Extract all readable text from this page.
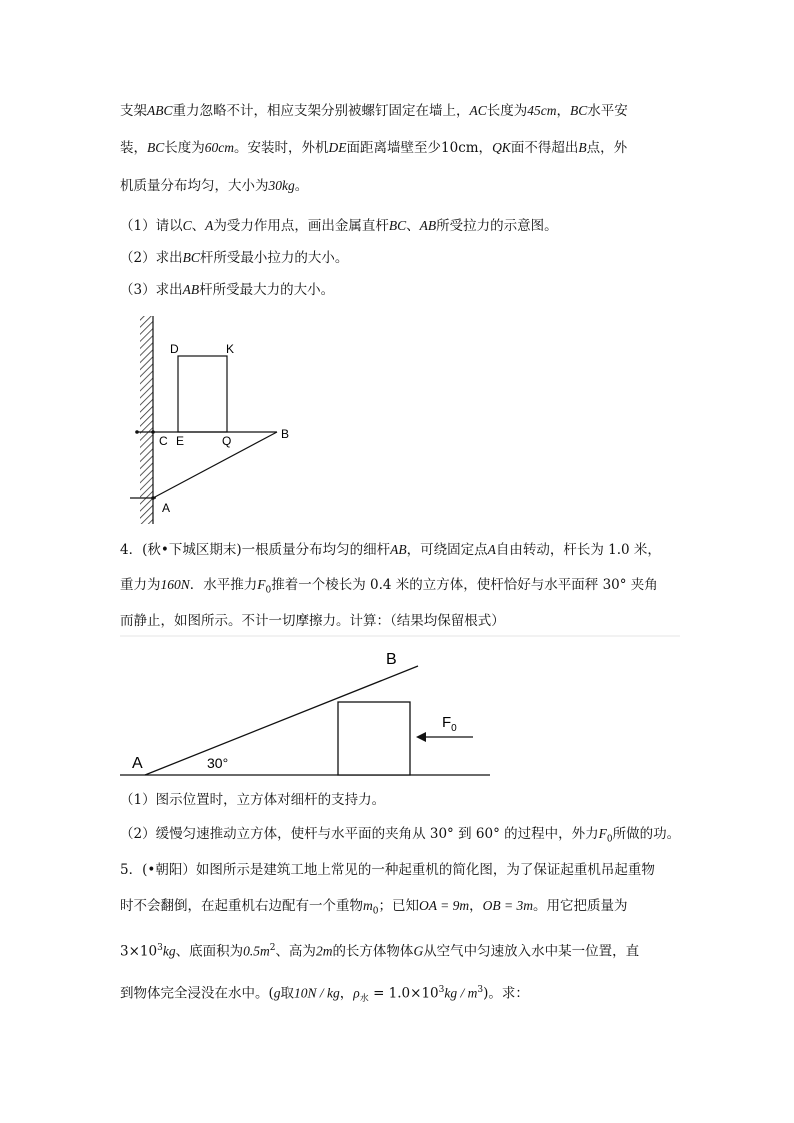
支架ABC重力忽略不计，相应支架分别被螺钉固定在墙上，AC长度为45cm，BC水平安
装，BC长度为60cm。安装时，外机DE面距离墙壁至少10cm，QK面不得超出B点，外
机质量分布均匀，大小为30kg。
（1）请以C、A为受力作用点，画出金属直杆BC、AB所受拉力的示意图。
（2）求出BC杆所受最小拉力的大小。
（3）求出AB杆所受最大力的大小。
D	K
C E	Q	B
A
4．(秋•下城区期末)一根质量分布均匀的细杆AB，可绕固定点A自由转动，杆长为 1.0 米，
重力为160N．水平推力$F_0$推着一个棱长为 0.4 米的立方体，使杆恰好与水平面秤 30° 夹角
而静止，如图所示。不计一切摩擦力。计算：（结果均保留根式）
B
A	30°
$F_0$
（1）图示位置时，立方体对细杆的支持力。
（2）缓慢匀速推动立方体，使杆与水平面的夹角从 30° 到 60° 的过程中，外力$F_0$所做的功。
5．(•朝阳）如图所示是建筑工地上常见的一种起重机的简化图，为了保证起重机吊起重物
时不会翻倒，在起重机右边配有一个重物$m_0$；已知OA = 9m，OB = 3m。用它把质量为
$3\times 10^3kg$、底面积为$0.5m^2$、高为2m的长方体物体G从空气中匀速放入水中某一位置，直
到物体完全浸没在水中。(g取10N / kg，$\rho_水 = 1.0\times 10^3kg / m^3$)。求：
